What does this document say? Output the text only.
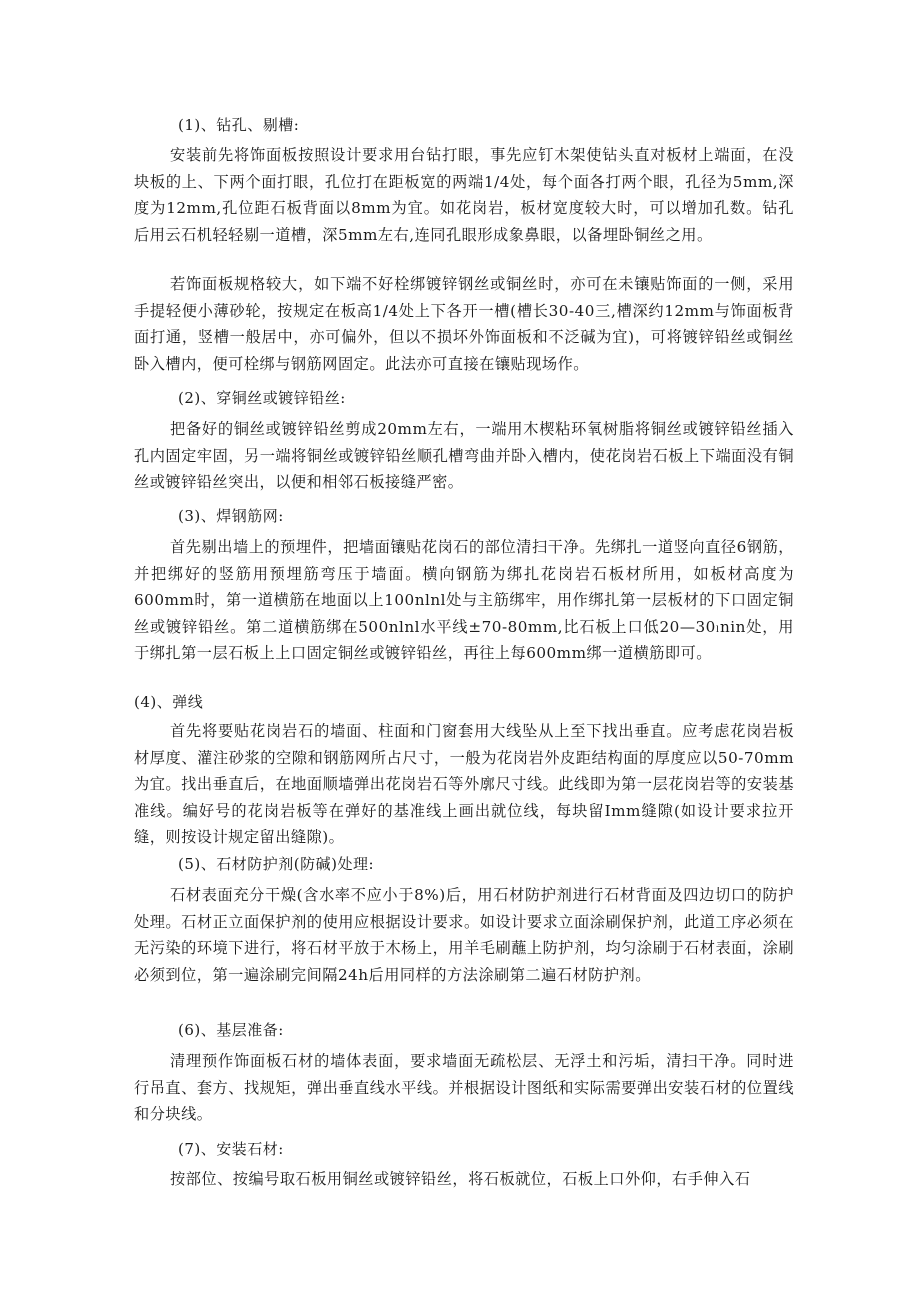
(1)、钻孔、剔槽:
安装前先将饰面板按照设计要求用台钻打眼，事先应钉木架使钻头直对板材上端面，在没块板的上、下两个面打眼，孔位打在距板宽的两端1/4处，每个面各打两个眼，孔径为5mm,深度为12mm,孔位距石板背面以8mm为宜。如花岗岩，板材宽度较大时，可以增加孔数。钻孔后用云石机轻轻剔一道槽，深5mm左右,连同孔眼形成象鼻眼，以备埋卧铜丝之用。
若饰面板规格较大，如下端不好栓绑镀锌钢丝或铜丝时，亦可在未镶贴饰面的一侧，采用手提轻便小薄砂轮，按规定在板高1/4处上下各开一槽(槽长30-40三,槽深约12mm与饰面板背面打通，竖槽一般居中，亦可偏外，但以不损坏外饰面板和不泛碱为宜)，可将镀锌铅丝或铜丝卧入槽内，便可栓绑与钢筋网固定。此法亦可直接在镶贴现场作。
(2)、穿铜丝或镀锌铅丝:
把备好的铜丝或镀锌铅丝剪成20mm左右，一端用木楔粘环氧树脂将铜丝或镀锌铅丝插入孔内固定牢固，另一端将铜丝或镀锌铅丝顺孔槽弯曲并卧入槽内，使花岗岩石板上下端面没有铜丝或镀锌铅丝突出，以便和相邻石板接缝严密。
(3)、焊钢筋网:
首先剔出墙上的预埋件，把墙面镶贴花岗石的部位清扫干净。先绑扎一道竖向直径6钢筋，并把绑好的竖筋用预埋筋弯压于墙面。横向钢筋为绑扎花岗岩石板材所用，如板材高度为600mm时，第一道横筋在地面以上100nlnl处与主筋绑牢，用作绑扎第一层板材的下口固定铜丝或镀锌铅丝。第二道横筋绑在500nlnl水平线±70-80mm,比石板上口低20—30ₗnin处，用于绑扎第一层石板上上口固定铜丝或镀锌铅丝，再往上每600mm绑一道横筋即可。
(4)、弹线
首先将要贴花岗岩石的墙面、柱面和门窗套用大线坠从上至下找出垂直。应考虑花岗岩板材厚度、灌注砂浆的空隙和钢筋网所占尺寸，一般为花岗岩外皮距结构面的厚度应以50-70mm为宜。找出垂直后，在地面顺墙弹出花岗岩石等外廓尺寸线。此线即为第一层花岗岩等的安装基准线。编好号的花岗岩板等在弹好的基准线上画出就位线，每块留Imm缝隙(如设计要求拉开缝，则按设计规定留出缝隙)。
(5)、石材防护剂(防碱)处理:
石材表面充分干燥(含水率不应小于8%)后，用石材防护剂进行石材背面及四边切口的防护处理。石材正立面保护剂的使用应根据设计要求。如设计要求立面涂刷保护剂，此道工序必须在无污染的环境下进行，将石材平放于木杨上，用羊毛刷蘸上防护剂，均匀涂刷于石材表面，涂刷必须到位，第一遍涂刷完间隔24h后用同样的方法涂刷第二遍石材防护剂。
(6)、基层准备:
清理预作饰面板石材的墙体表面，要求墙面无疏松层、无浮土和污垢，清扫干净。同时进行吊直、套方、找规矩，弹出垂直线水平线。并根据设计图纸和实际需要弹出安装石材的位置线和分块线。
(7)、安装石材:
按部位、按编号取石板用铜丝或镀锌铅丝，将石板就位，石板上口外仰，右手伸入石
